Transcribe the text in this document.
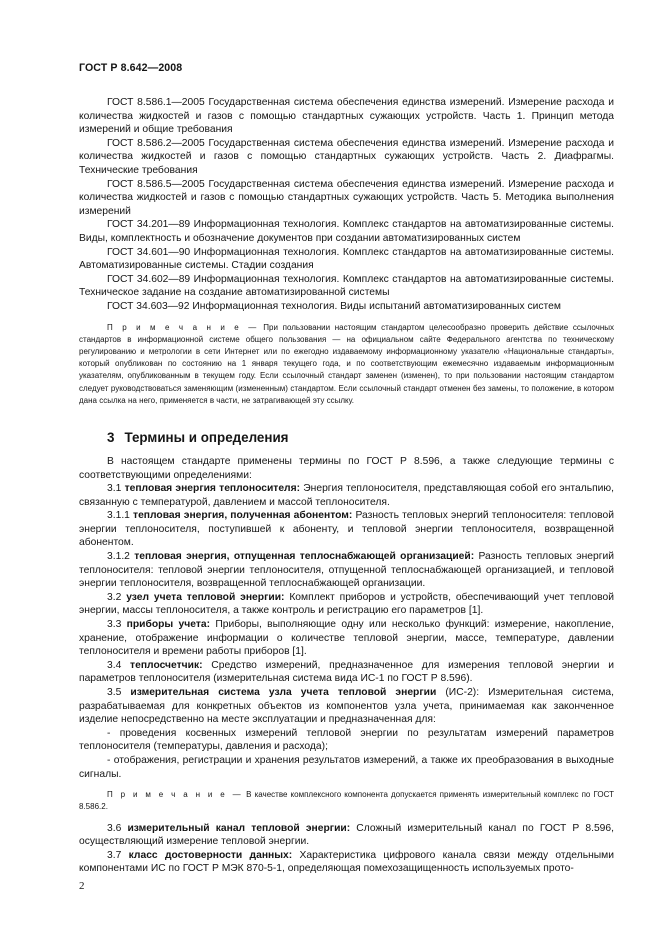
ГОСТ Р 8.642—2008

ГОСТ 8.586.1—2005 Государственная система обеспечения единства измерений. Измерение расхода и количества жидкостей и газов с помощью стандартных сужающих устройств. Часть 1. Принцип метода измерений и общие требования

ГОСТ 8.586.2—2005 Государственная система обеспечения единства измерений. Измерение расхода и количества жидкостей и газов с помощью стандартных сужающих устройств. Часть 2. Диафрагмы. Технические требования

ГОСТ 8.586.5—2005 Государственная система обеспечения единства измерений. Измерение расхода и количества жидкостей и газов с помощью стандартных сужающих устройств. Часть 5. Методика выполнения измерений

ГОСТ 34.201—89 Информационная технология. Комплекс стандартов на автоматизированные системы. Виды, комплектность и обозначение документов при создании автоматизированных систем

ГОСТ 34.601—90 Информационная технология. Комплекс стандартов на автоматизированные системы. Автоматизированные системы. Стадии создания

ГОСТ 34.602—89 Информационная технология. Комплекс стандартов на автоматизированные системы. Техническое задание на создание автоматизированной системы

ГОСТ 34.603—92 Информационная технология. Виды испытаний автоматизированных систем

П р и м е ч а н и е — При пользовании настоящим стандартом целесообразно проверить действие ссылочных стандартов в информационной системе общего пользования — на официальном сайте Федерального агентства по техническому регулированию и метрологии в сети Интернет или по ежегодно издаваемому информационному указателю «Национальные стандарты», который опубликован по состоянию на 1 января текущего года, и по соответствующим ежемесячно издаваемым информационным указателям, опубликованным в текущем году. Если ссылочный стандарт заменен (изменен), то при пользовании настоящим стандартом следует руководствоваться заменяющим (измененным) стандартом. Если ссылочный стандарт отменен без замены, то положение, в котором дана ссылка на него, применяется в части, не затрагивающей эту ссылку.

3 Термины и определения

В настоящем стандарте применены термины по ГОСТ Р 8.596, а также следующие термины с соответствующими определениями:

3.1 тепловая энергия теплоносителя: Энергия теплоносителя, представляющая собой его энтальпию, связанную с температурой, давлением и массой теплоносителя.

3.1.1 тепловая энергия, полученная абонентом: Разность тепловых энергий теплоносителя: тепловой энергии теплоносителя, поступившей к абоненту, и тепловой энергии теплоносителя, возвращенной абонентом.

3.1.2 тепловая энергия, отпущенная теплоснабжающей организацией: Разность тепловых энергий теплоносителя: тепловой энергии теплоносителя, отпущенной теплоснабжающей организацией, и тепловой энергии теплоносителя, возвращенной теплоснабжающей организации.

3.2 узел учета тепловой энергии: Комплект приборов и устройств, обеспечивающий учет тепловой энергии, массы теплоносителя, а также контроль и регистрацию его параметров [1].

3.3 приборы учета: Приборы, выполняющие одну или несколько функций: измерение, накопление, хранение, отображение информации о количестве тепловой энергии, массе, температуре, давлении теплоносителя и времени работы приборов [1].

3.4 теплосчетчик: Средство измерений, предназначенное для измерения тепловой энергии и параметров теплоносителя (измерительная система вида ИС-1 по ГОСТ Р 8.596).

3.5 измерительная система узла учета тепловой энергии (ИС-2): Измерительная система, разрабатываемая для конкретных объектов из компонентов узла учета, принимаемая как законченное изделие непосредственно на месте эксплуатации и предназначенная для:

- проведения косвенных измерений тепловой энергии по результатам измерений параметров теплоносителя (температуры, давления и расхода);

- отображения, регистрации и хранения результатов измерений, а также их преобразования в выходные сигналы.

П р и м е ч а н и е — В качестве комплексного компонента допускается применять измерительный комплекс по ГОСТ 8.586.2.

3.6 измерительный канал тепловой энергии: Сложный измерительный канал по ГОСТ Р 8.596, осуществляющий измерение тепловой энергии.

3.7 класс достоверности данных: Характеристика цифрового канала связи между отдельными компонентами ИС по ГОСТ Р МЭК 870-5-1, определяющая помехозащищенность используемых прото-

2
